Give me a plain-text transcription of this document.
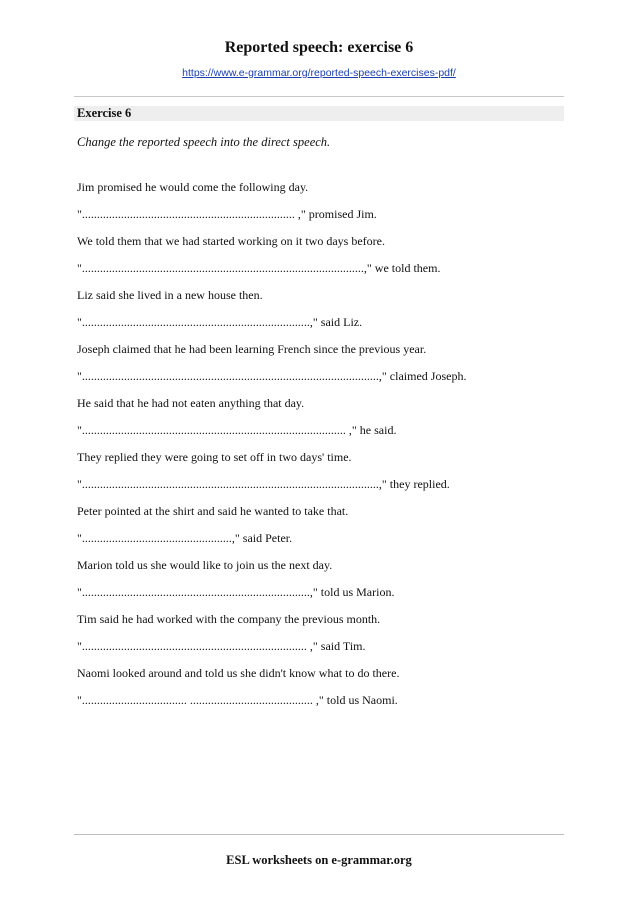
Reported speech: exercise 6
https://www.e-grammar.org/reported-speech-exercises-pdf/
Exercise 6
Change the reported speech into the direct speech.
Jim promised he would come the following day.
"....................................................................... ," promised Jim.
We told them that we had started working on it two days before.
"..............................................................................................," we told them.
Liz said she lived in a new house then.
"............................................................................," said Liz.
Joseph claimed that he had been learning French since the previous year.
"...................................................................................................," claimed Joseph.
He said that he had not eaten anything that day.
"........................................................................................ ," he said.
They replied they were going to set off in two days' time.
"...................................................................................................," they replied.
Peter pointed at the shirt and said he wanted to take that.
"..................................................," said Peter.
Marion told us she would like to join us the next day.
"............................................................................," told us Marion.
Tim said he had worked with the company the previous month.
"........................................................................... ," said Tim.
Naomi looked around and told us she didn't know what to do there.
"................................... ......................................... ," told us Naomi.
ESL worksheets on e-grammar.org
